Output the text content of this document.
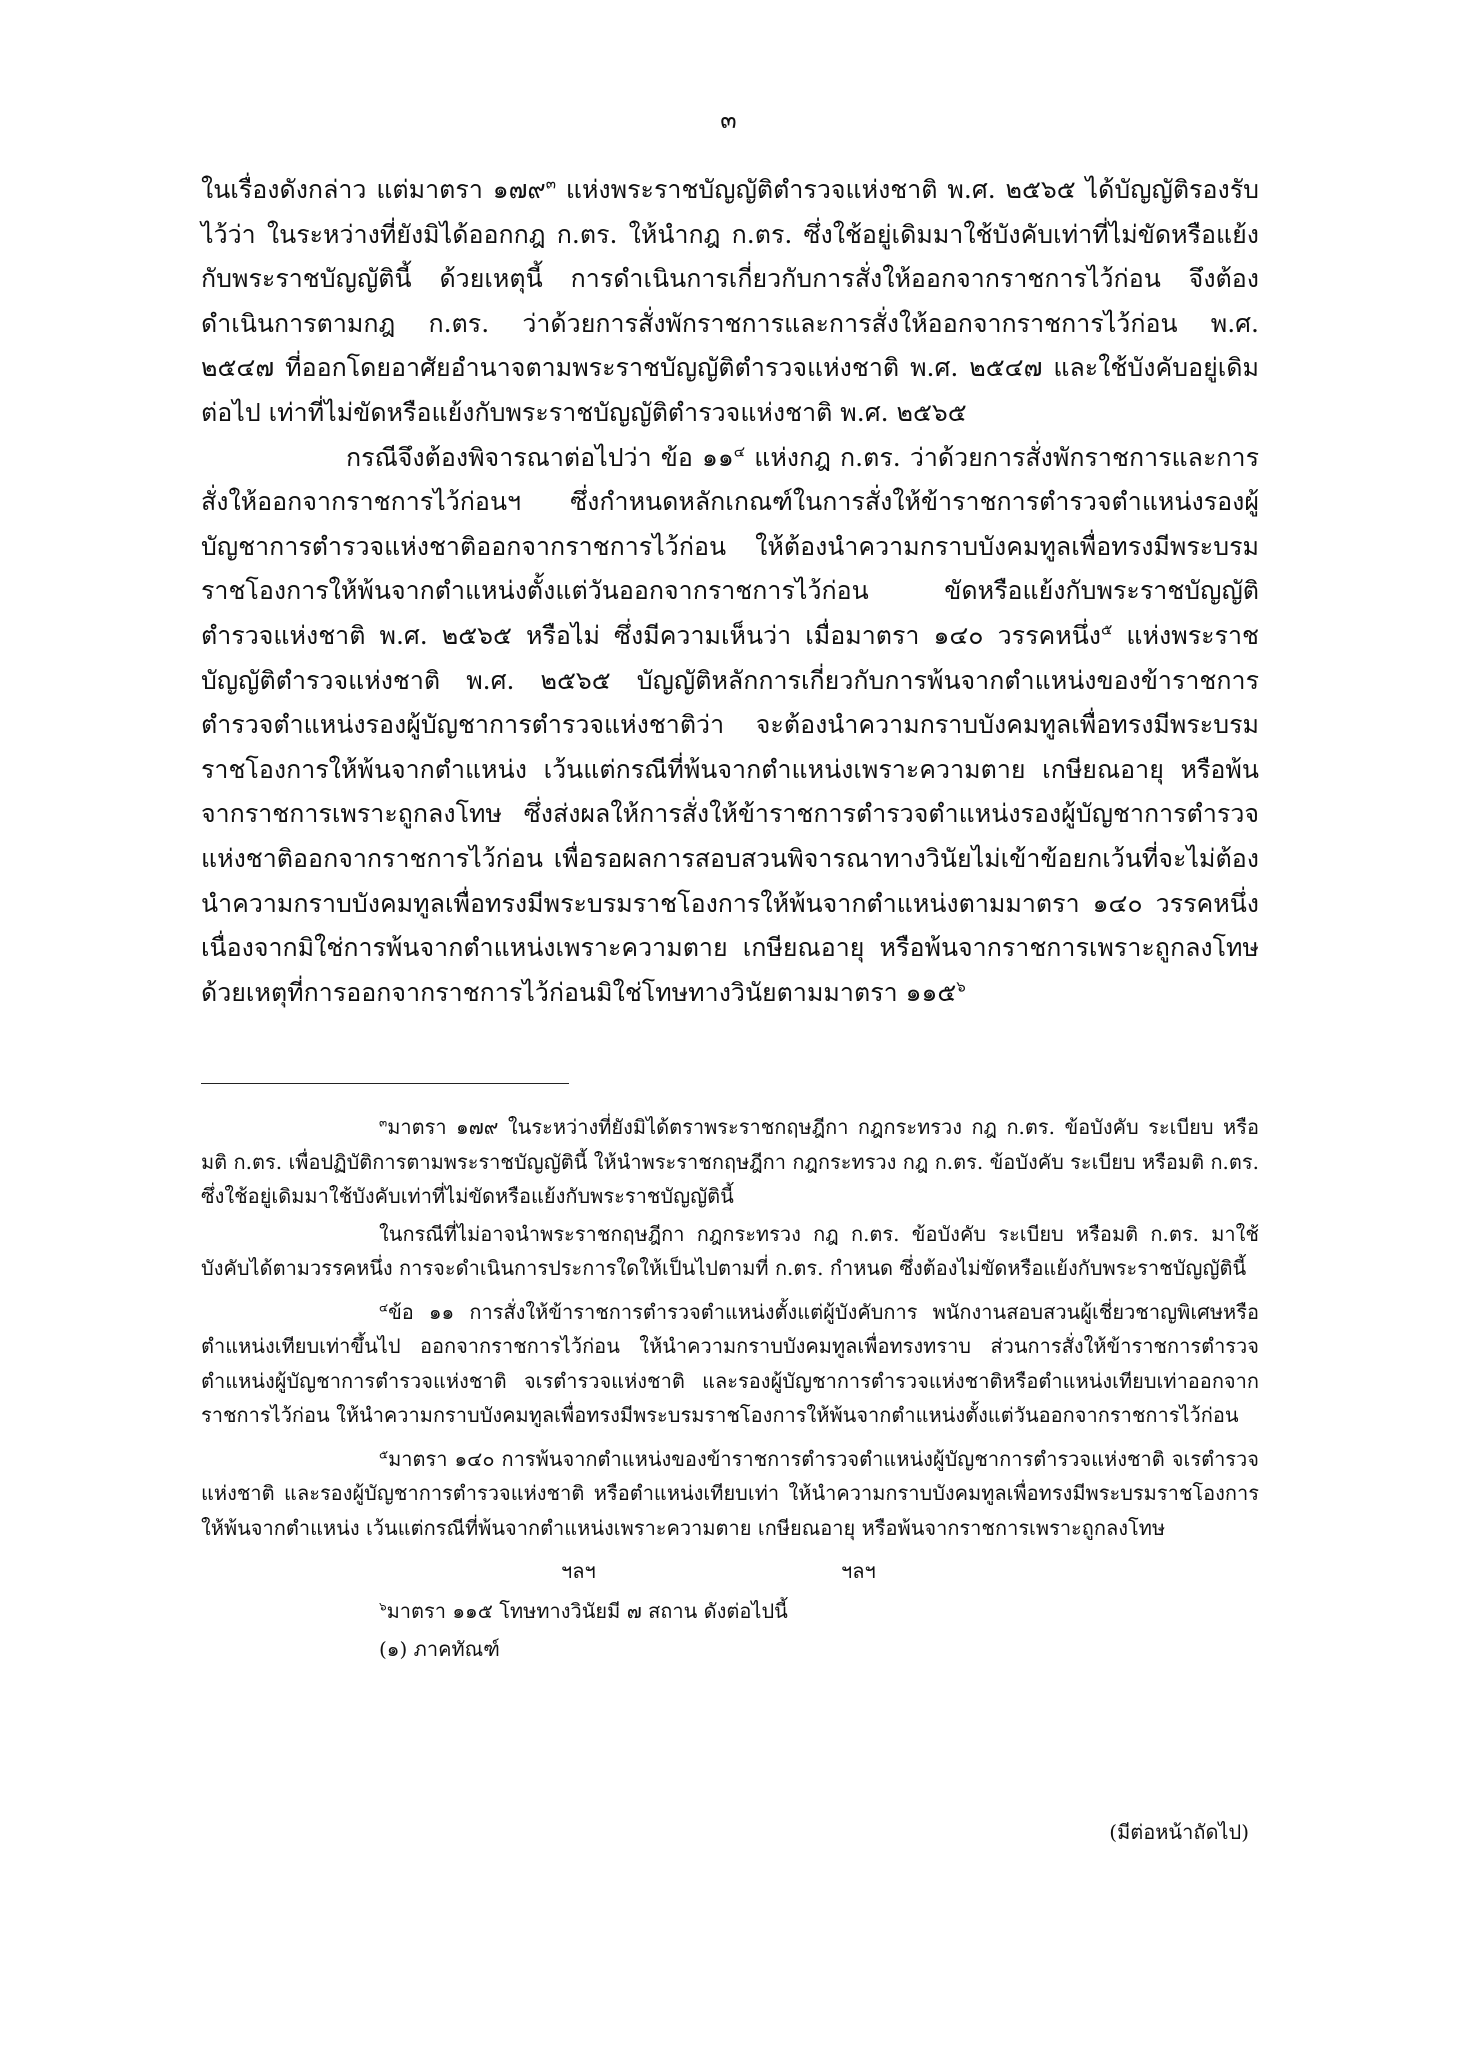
๓

ในเรื่องดังกล่าว แต่มาตรา ๑๗๙$^๓$ แห่งพระราชบัญญัติตำรวจแห่งชาติ พ.ศ. ๒๕๖๕ ได้บัญญัติรองรับไว้ว่า ในระหว่างที่ยังมิได้ออกกฎ ก.ตร. ให้นำกฎ ก.ตร. ซึ่งใช้อยู่เดิมมาใช้บังคับเท่าที่ไม่ขัดหรือแย้งกับพระราชบัญญัตินี้ ด้วยเหตุนี้ การดำเนินการเกี่ยวกับการสั่งให้ออกจากราชการไว้ก่อน จึงต้องดำเนินการตามกฎ ก.ตร. ว่าด้วยการสั่งพักราชการและการสั่งให้ออกจากราชการไว้ก่อน พ.ศ. ๒๕๔๗ ที่ออกโดยอาศัยอำนาจตามพระราชบัญญัติตำรวจแห่งชาติ พ.ศ. ๒๕๔๗ และใช้บังคับอยู่เดิมต่อไป เท่าที่ไม่ขัดหรือแย้งกับพระราชบัญญัติตำรวจแห่งชาติ พ.ศ. ๒๕๖๕

กรณีจึงต้องพิจารณาต่อไปว่า ข้อ ๑๑$^๔$ แห่งกฎ ก.ตร. ว่าด้วยการสั่งพักราชการและการสั่งให้ออกจากราชการไว้ก่อนฯ ซึ่งกำหนดหลักเกณฑ์ในการสั่งให้ข้าราชการตำรวจตำแหน่งรองผู้บัญชาการตำรวจแห่งชาติออกจากราชการไว้ก่อน ให้ต้องนำความกราบบังคมทูลเพื่อทรงมีพระบรมราชโองการให้พ้นจากตำแหน่งตั้งแต่วันออกจากราชการไว้ก่อน ขัดหรือแย้งกับพระราชบัญญัติตำรวจแห่งชาติ พ.ศ. ๒๕๖๕ หรือไม่ ซึ่งมีความเห็นว่า เมื่อมาตรา ๑๔๐ วรรคหนึ่ง$^๕$ แห่งพระราชบัญญัติตำรวจแห่งชาติ พ.ศ. ๒๕๖๕ บัญญัติหลักการเกี่ยวกับการพ้นจากตำแหน่งของข้าราชการตำรวจตำแหน่งรองผู้บัญชาการตำรวจแห่งชาติว่า จะต้องนำความกราบบังคมทูลเพื่อทรงมีพระบรมราชโองการให้พ้นจากตำแหน่ง เว้นแต่กรณีที่พ้นจากตำแหน่งเพราะความตาย เกษียณอายุ หรือพ้นจากราชการเพราะถูกลงโทษ ซึ่งส่งผลให้การสั่งให้ข้าราชการตำรวจตำแหน่งรองผู้บัญชาการตำรวจแห่งชาติออกจากราชการไว้ก่อน เพื่อรอผลการสอบสวนพิจารณาทางวินัยไม่เข้าข้อยกเว้นที่จะไม่ต้องนำความกราบบังคมทูลเพื่อทรงมีพระบรมราชโองการให้พ้นจากตำแหน่งตามมาตรา ๑๔๐ วรรคหนึ่ง เนื่องจากมิใช่การพ้นจากตำแหน่งเพราะความตาย เกษียณอายุ หรือพ้นจากราชการเพราะถูกลงโทษ ด้วยเหตุที่การออกจากราชการไว้ก่อนมิใช่โทษทางวินัยตามมาตรา ๑๑๕$^๖$

$^๓$มาตรา ๑๗๙ ในระหว่างที่ยังมิได้ตราพระราชกฤษฎีกา กฎกระทรวง กฎ ก.ตร. ข้อบังคับ ระเบียบ หรือมติ ก.ตร. เพื่อปฏิบัติการตามพระราชบัญญัตินี้ ให้นำพระราชกฤษฎีกา กฎกระทรวง กฎ ก.ตร. ข้อบังคับ ระเบียบ หรือมติ ก.ตร. ซึ่งใช้อยู่เดิมมาใช้บังคับเท่าที่ไม่ขัดหรือแย้งกับพระราชบัญญัตินี้

ในกรณีที่ไม่อาจนำพระราชกฤษฎีกา กฎกระทรวง กฎ ก.ตร. ข้อบังคับ ระเบียบ หรือมติ ก.ตร. มาใช้บังคับได้ตามวรรคหนึ่ง การจะดำเนินการประการใดให้เป็นไปตามที่ ก.ตร. กำหนด ซึ่งต้องไม่ขัดหรือแย้งกับพระราชบัญญัตินี้

$^๔$ข้อ ๑๑ การสั่งให้ข้าราชการตำรวจตำแหน่งตั้งแต่ผู้บังคับการ พนักงานสอบสวนผู้เชี่ยวชาญพิเศษหรือตำแหน่งเทียบเท่าขึ้นไป ออกจากราชการไว้ก่อน ให้นำความกราบบังคมทูลเพื่อทรงทราบ ส่วนการสั่งให้ข้าราชการตำรวจตำแหน่งผู้บัญชาการตำรวจแห่งชาติ จเรตำรวจแห่งชาติ และรองผู้บัญชาการตำรวจแห่งชาติหรือตำแหน่งเทียบเท่าออกจากราชการไว้ก่อน ให้นำความกราบบังคมทูลเพื่อทรงมีพระบรมราชโองการให้พ้นจากตำแหน่งตั้งแต่วันออกจากราชการไว้ก่อน

$^๕$มาตรา ๑๔๐ การพ้นจากตำแหน่งของข้าราชการตำรวจตำแหน่งผู้บัญชาการตำรวจแห่งชาติ จเรตำรวจแห่งชาติ และรองผู้บัญชาการตำรวจแห่งชาติ หรือตำแหน่งเทียบเท่า ให้นำความกราบบังคมทูลเพื่อทรงมีพระบรมราชโองการให้พ้นจากตำแหน่ง เว้นแต่กรณีที่พ้นจากตำแหน่งเพราะความตาย เกษียณอายุ หรือพ้นจากราชการเพราะถูกลงโทษ

ฯลฯ	ฯลฯ

$^๖$มาตรา ๑๑๕ โทษทางวินัยมี ๗ สถาน ดังต่อไปนี้

(๑) ภาคทัณฑ์

(มีต่อหน้าถัดไป)
